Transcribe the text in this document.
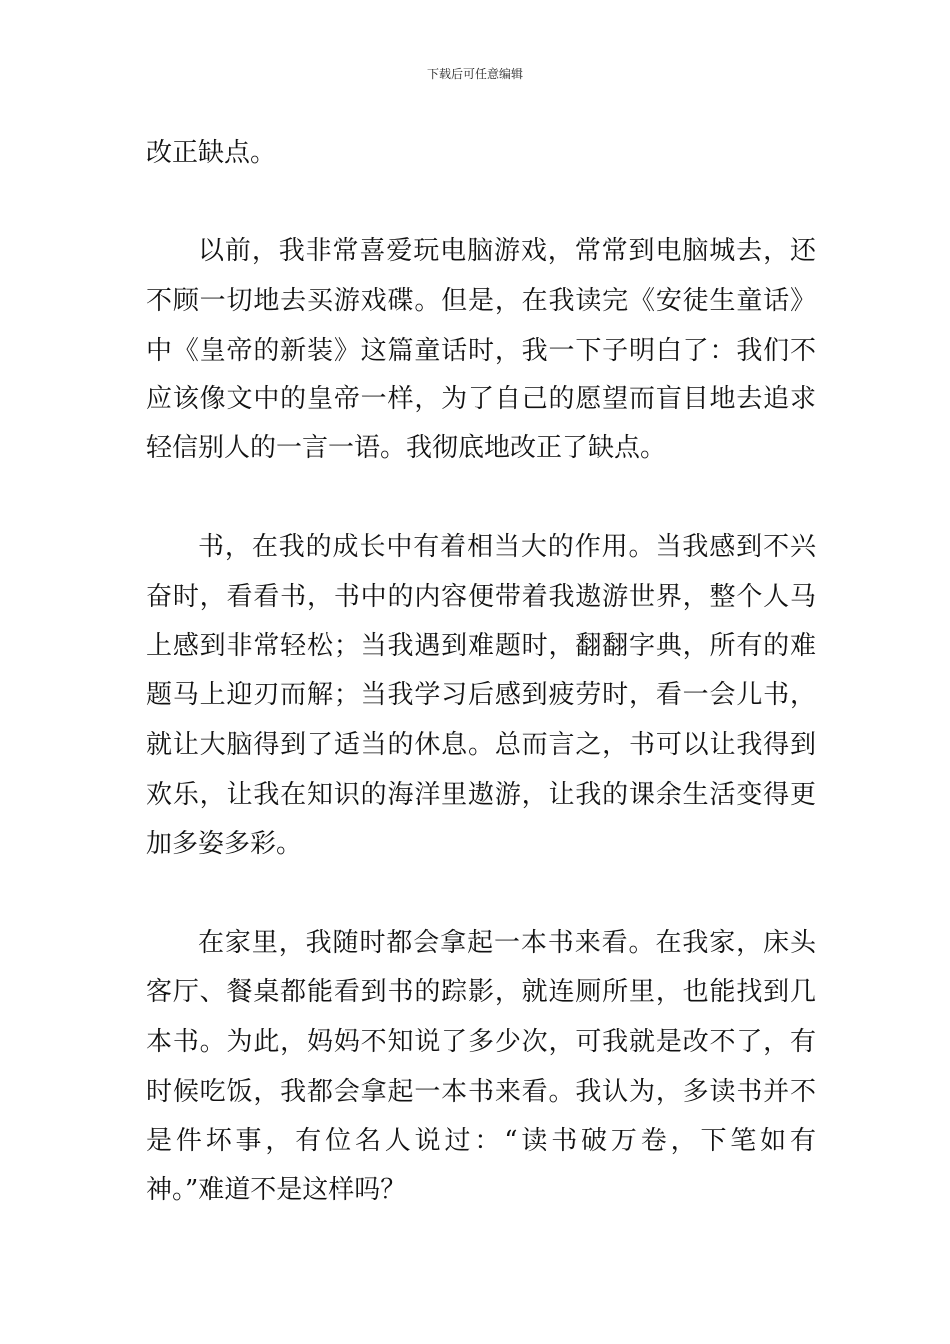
下载后可任意编辑
改正缺点。
以前，我非常喜爱玩电脑游戏，常常到电脑城去，还
不顾一切地去买游戏碟。但是，在我读完《安徒生童话》
中《皇帝的新装》这篇童话时，我一下子明白了：我们不
应该像文中的皇帝一样，为了自己的愿望而盲目地去追求
轻信别人的一言一语。我彻底地改正了缺点。
书，在我的成长中有着相当大的作用。当我感到不兴
奋时，看看书，书中的内容便带着我遨游世界，整个人马
上感到非常轻松；当我遇到难题时，翻翻字典，所有的难
题马上迎刃而解；当我学习后感到疲劳时，看一会儿书，
就让大脑得到了适当的休息。总而言之，书可以让我得到
欢乐，让我在知识的海洋里遨游，让我的课余生活变得更
加多姿多彩。
在家里，我随时都会拿起一本书来看。在我家，床头
客厅、餐桌都能看到书的踪影，就连厕所里，也能找到几
本书。为此，妈妈不知说了多少次，可我就是改不了，有
时候吃饭，我都会拿起一本书来看。我认为，多读书并不
是件坏事，有位名人说过：“读书破万卷，下笔如有
神。”难道不是这样吗？
